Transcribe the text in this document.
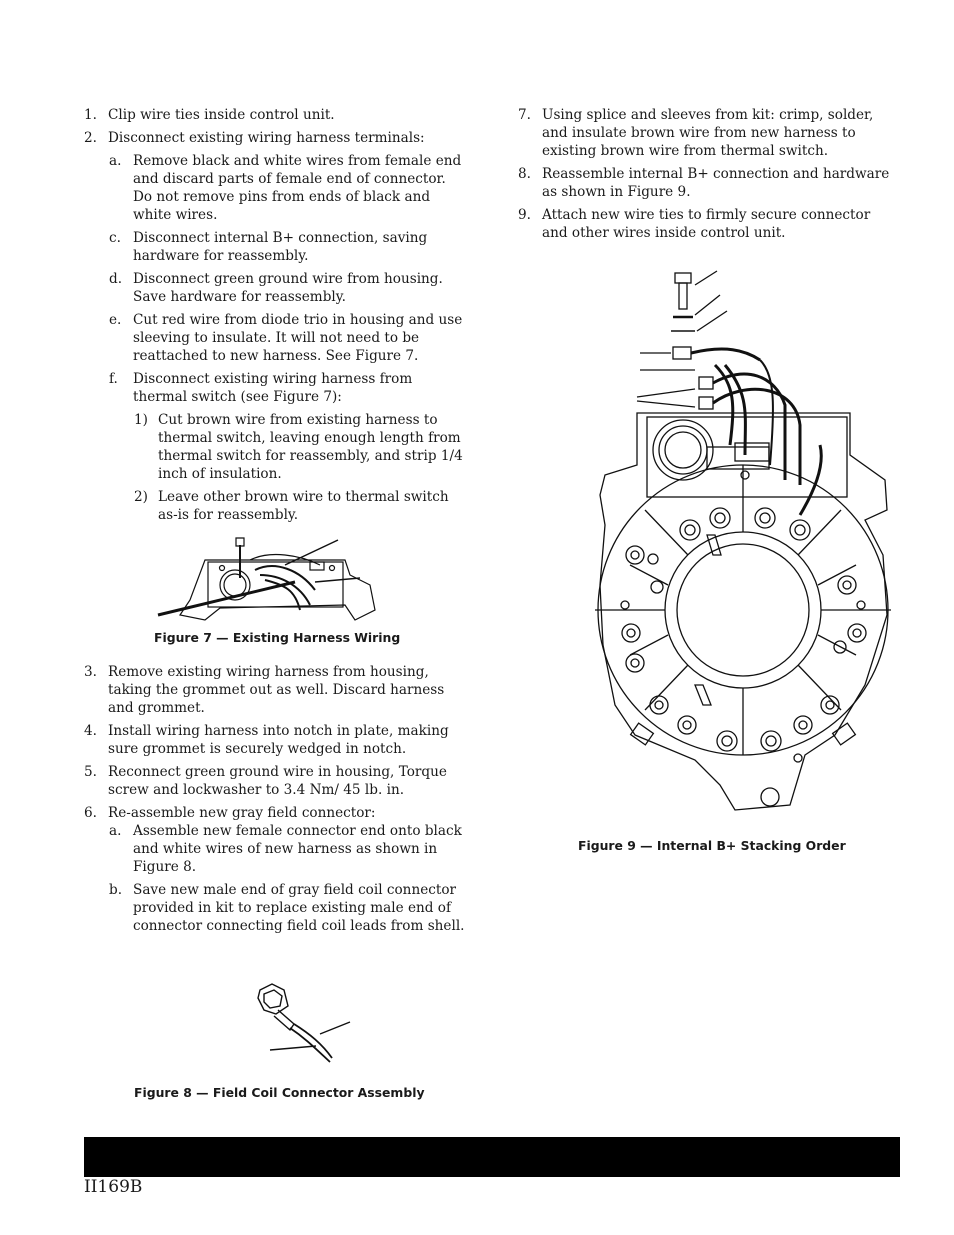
1. Clip wire ties inside control unit.
2. Disconnect existing wiring harness terminals:
a. Remove black and white wires from female end and discard parts of female end of connector. Do not remove pins from ends of black and white wires.
c. Disconnect internal B+ connection, saving hardware for reassembly.
d. Disconnect green ground wire from housing. Save hardware for reassembly.
e. Cut red wire from diode trio in housing and use sleeving to insulate. It will not need to be reattached to new harness. See Figure 7.
f.	Disconnect existing wiring harness from thermal switch (see Figure 7):
1) Cut brown wire from existing harness to thermal switch, leaving enough length from thermal switch for reassembly, and strip 1/4 inch of insulation.
2) Leave other brown wire to thermal switch as-is for reassembly.
3. Remove existing wiring harness from housing, taking the grommet out as well. Discard harness and grommet.
4. Install wiring harness into notch in plate, making sure grommet is securely wedged in notch.
5. Reconnect green ground wire in housing, Torque screw and lockwasher to 3.4 Nm/ 45 lb. in.
6. Re-assemble new gray field connector:
a. Assemble new female connector end onto black and white wires of new harness as shown in Figure 8.
b. Save new male end of gray field coil connector provided in kit to replace existing male end of connector connecting field coil leads from shell.
7. Using splice and sleeves from kit: crimp, solder, and insulate brown wire from new harness to existing brown wire from thermal switch.
8. Reassemble internal B+ connection and hardware as shown in Figure 9.
9. Attach new wire ties to firmly secure connector and other wires inside control unit.
Figure 7 — Existing Harness Wiring
Figure 8 — Field Coil Connector Assembly
Figure 9 — Internal B+ Stacking Order
II169B
